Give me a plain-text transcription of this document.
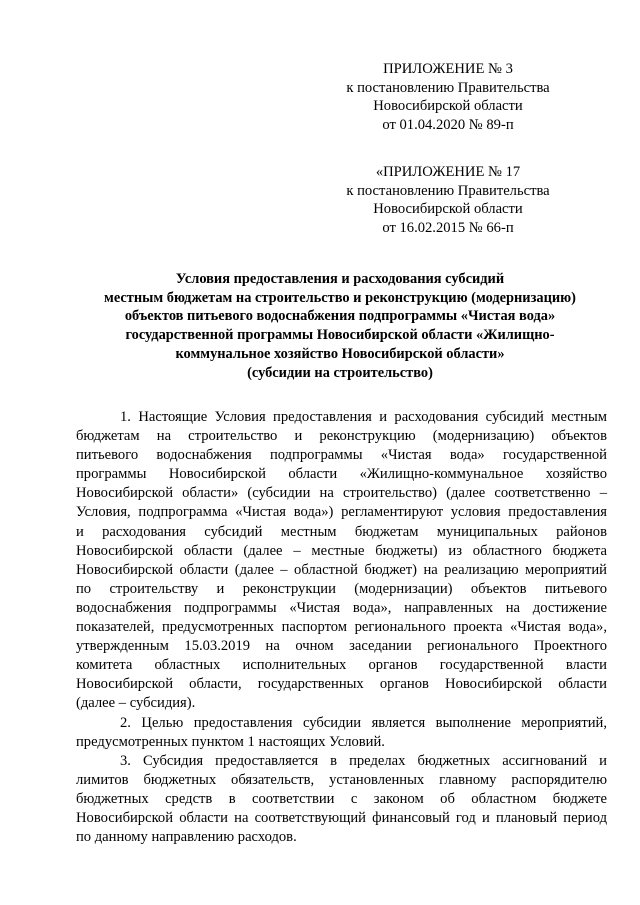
ПРИЛОЖЕНИЕ № 3
к постановлению Правительства
Новосибирской области
от 01.04.2020 № 89-п
«ПРИЛОЖЕНИЕ № 17
к постановлению Правительства
Новосибирской области
от 16.02.2015 № 66-п
Условия предоставления и расходования субсидий
местным бюджетам на строительство и реконструкцию (модернизацию)
объектов питьевого водоснабжения подпрограммы «Чистая вода»
государственной программы Новосибирской области «Жилищно-
коммунальное хозяйство Новосибирской области»
(субсидии на строительство)
1. Настоящие Условия предоставления и расходования субсидий местным
бюджетам на строительство и реконструкцию (модернизацию) объектов
питьевого водоснабжения подпрограммы «Чистая вода» государственной
программы Новосибирской области «Жилищно-коммунальное хозяйство
Новосибирской области» (субсидии на строительство) (далее соответственно –
Условия, подпрограмма «Чистая вода») регламентируют условия предоставления
и расходования субсидий местным бюджетам муниципальных районов
Новосибирской области (далее – местные бюджеты) из областного бюджета
Новосибирской области (далее – областной бюджет) на реализацию мероприятий
по строительству и реконструкции (модернизации) объектов питьевого
водоснабжения подпрограммы «Чистая вода», направленных на достижение
показателей, предусмотренных паспортом регионального проекта «Чистая вода»,
утвержденным 15.03.2019 на очном заседании регионального Проектного
комитета областных исполнительных органов государственной власти
Новосибирской области, государственных органов Новосибирской области
(далее – субсидия).
2. Целью предоставления субсидии является выполнение мероприятий,
предусмотренных пунктом 1 настоящих Условий.
3. Субсидия предоставляется в пределах бюджетных ассигнований и
лимитов бюджетных обязательств, установленных главному распорядителю
бюджетных средств в соответствии с законом об областном бюджете
Новосибирской области на соответствующий финансовый год и плановый период
по данному направлению расходов.
